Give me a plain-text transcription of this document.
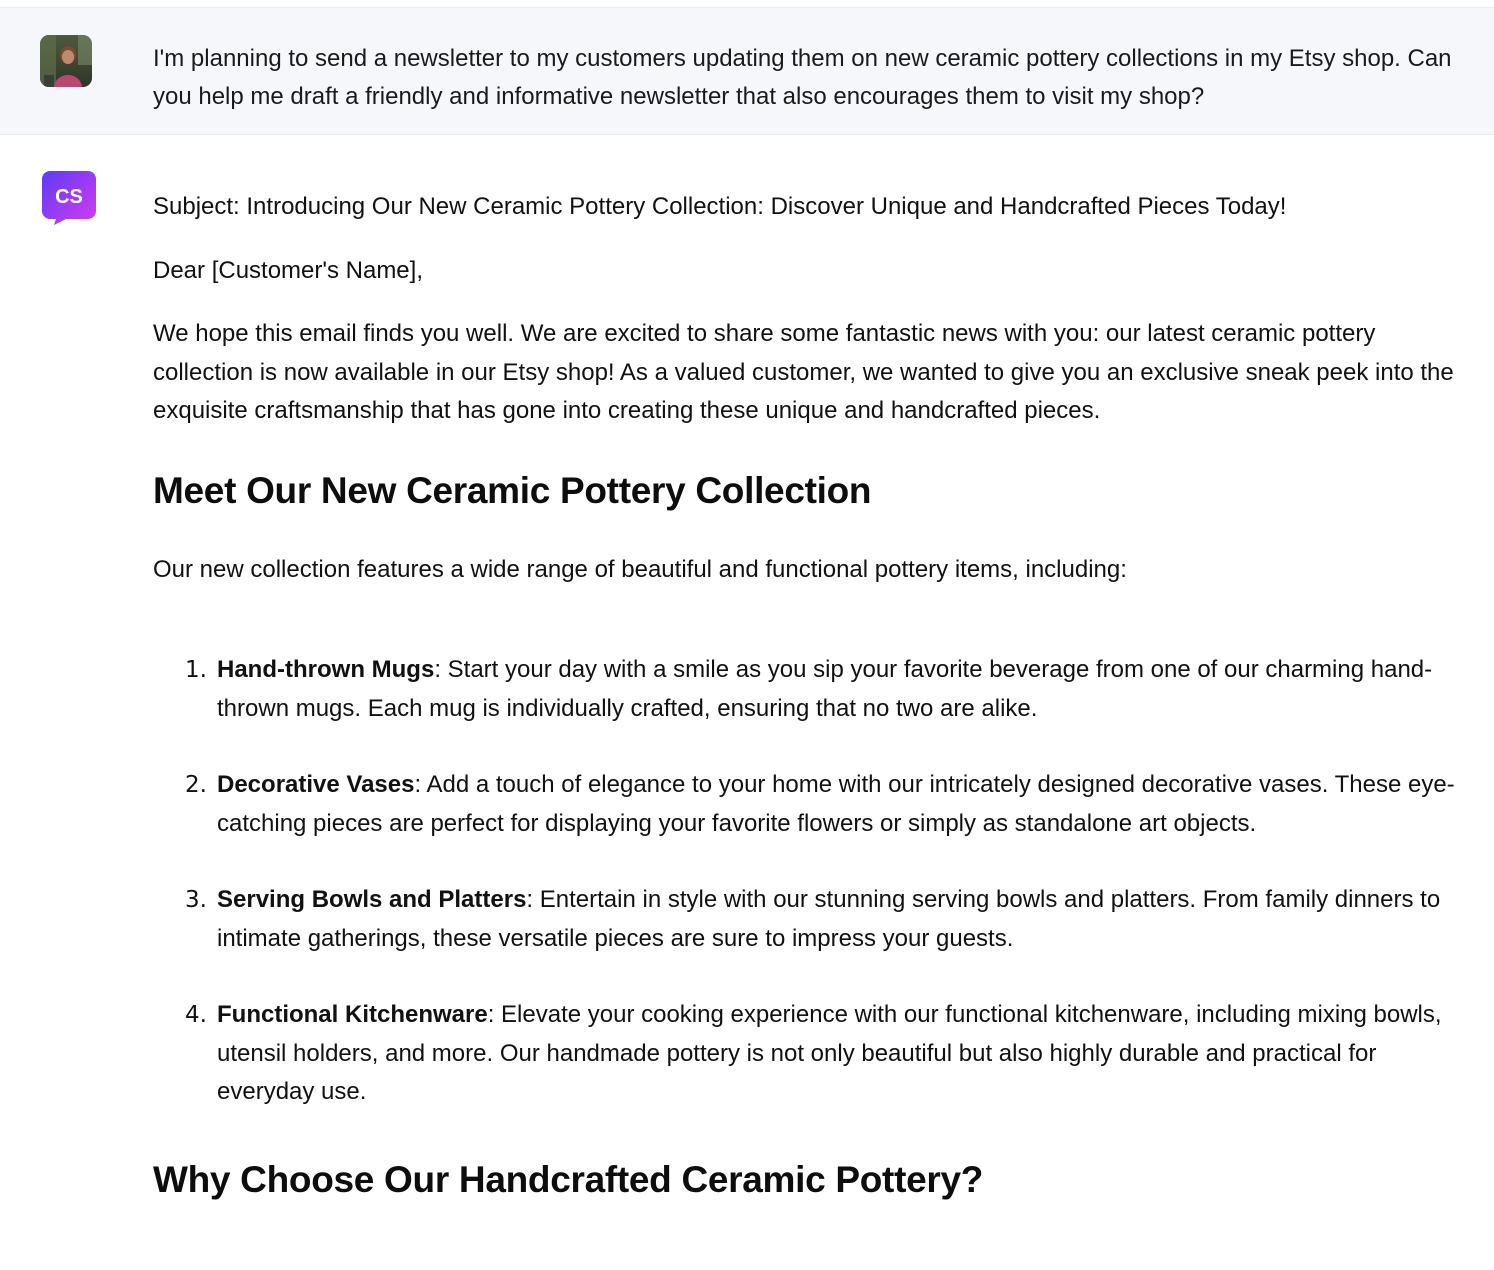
I'm planning to send a newsletter to my customers updating them on new ceramic pottery collections in my Etsy shop. Can you help me draft a friendly and informative newsletter that also encourages them to visit my shop?

CS	Subject: Introducing Our New Ceramic Pottery Collection: Discover Unique and Handcrafted Pieces Today!

Dear [Customer's Name],

We hope this email finds you well. We are excited to share some fantastic news with you: our latest ceramic pottery collection is now available in our Etsy shop! As a valued customer, we wanted to give you an exclusive sneak peek into the exquisite craftsmanship that has gone into creating these unique and handcrafted pieces.

Meet Our New Ceramic Pottery Collection

Our new collection features a wide range of beautiful and functional pottery items, including:

1. Hand-thrown Mugs: Start your day with a smile as you sip your favorite beverage from one of our charming hand-thrown mugs. Each mug is individually crafted, ensuring that no two are alike.
2. Decorative Vases: Add a touch of elegance to your home with our intricately designed decorative vases. These eye-catching pieces are perfect for displaying your favorite flowers or simply as standalone art objects.
3. Serving Bowls and Platters: Entertain in style with our stunning serving bowls and platters. From family dinners to intimate gatherings, these versatile pieces are sure to impress your guests.
4. Functional Kitchenware: Elevate your cooking experience with our functional kitchenware, including mixing bowls, utensil holders, and more. Our handmade pottery is not only beautiful but also highly durable and practical for everyday use.
Why Choose Our Handcrafted Ceramic Pottery?
